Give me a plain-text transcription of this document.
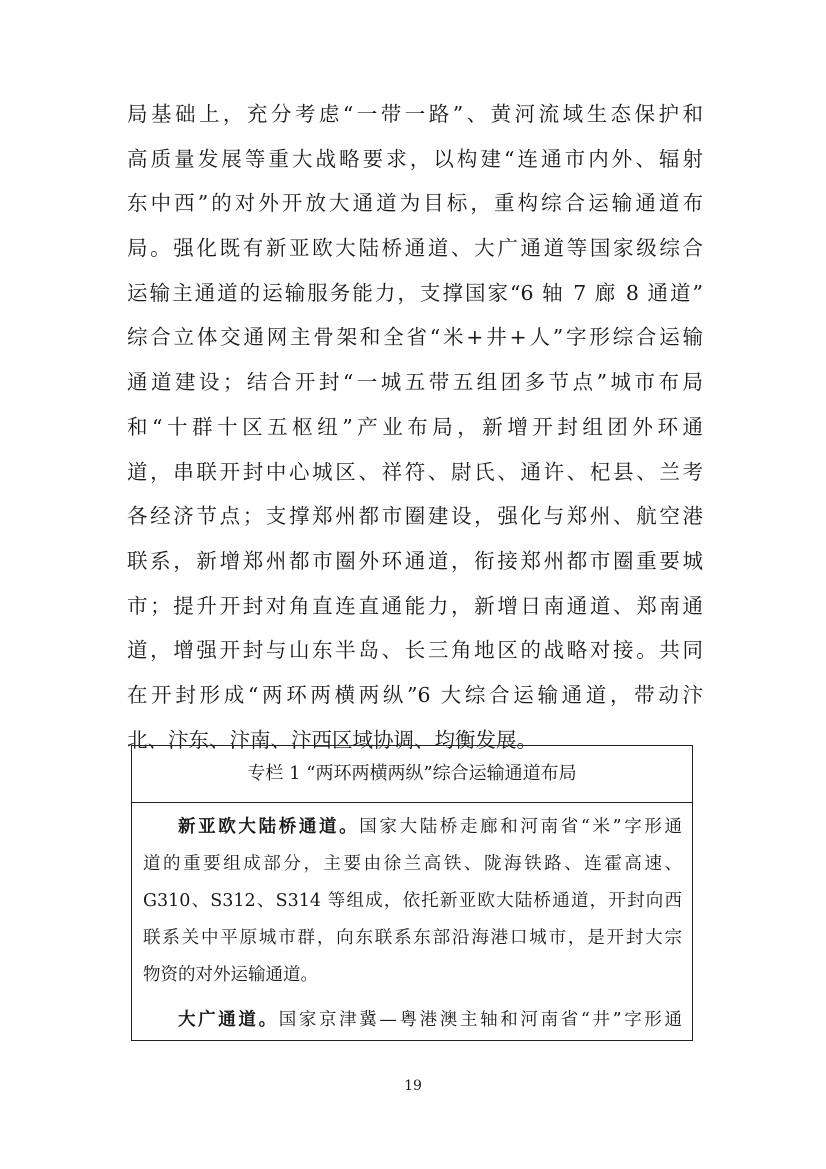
局基础上，充分考虑“一带一路”、黄河流域生态保护和
高质量发展等重大战略要求，以构建“连通市内外、辐射
东中西”的对外开放大通道为目标，重构综合运输通道布
局。强化既有新亚欧大陆桥通道、大广通道等国家级综合
运输主通道的运输服务能力，支撑国家“6 轴 7 廊 8 通道”
综合立体交通网主骨架和全省“米+井+人”字形综合运输
通道建设；结合开封“一城五带五组团多节点”城市布局
和“十群十区五枢纽”产业布局，新增开封组团外环通
道，串联开封中心城区、祥符、尉氏、通许、杞县、兰考
各经济节点；支撑郑州都市圈建设，强化与郑州、航空港
联系，新增郑州都市圈外环通道，衔接郑州都市圈重要城
市；提升开封对角直连直通能力，新增日南通道、郑南通
道，增强开封与山东半岛、长三角地区的战略对接。共同
在开封形成“两环两横两纵”6 大综合运输通道，带动汴
北、汴东、汴南、汴西区域协调、均衡发展。
专栏 1 “两环两横两纵”综合运输通道布局
新亚欧大陆桥通道。国家大陆桥走廊和河南省“米”字形通
道的重要组成部分，主要由徐兰高铁、陇海铁路、连霍高速、
G310、S312、S314 等组成，依托新亚欧大陆桥通道，开封向西
联系关中平原城市群，向东联系东部沿海港口城市，是开封大宗
物资的对外运输通道。
大广通道。国家京津冀—粤港澳主轴和河南省“井”字形通
19
